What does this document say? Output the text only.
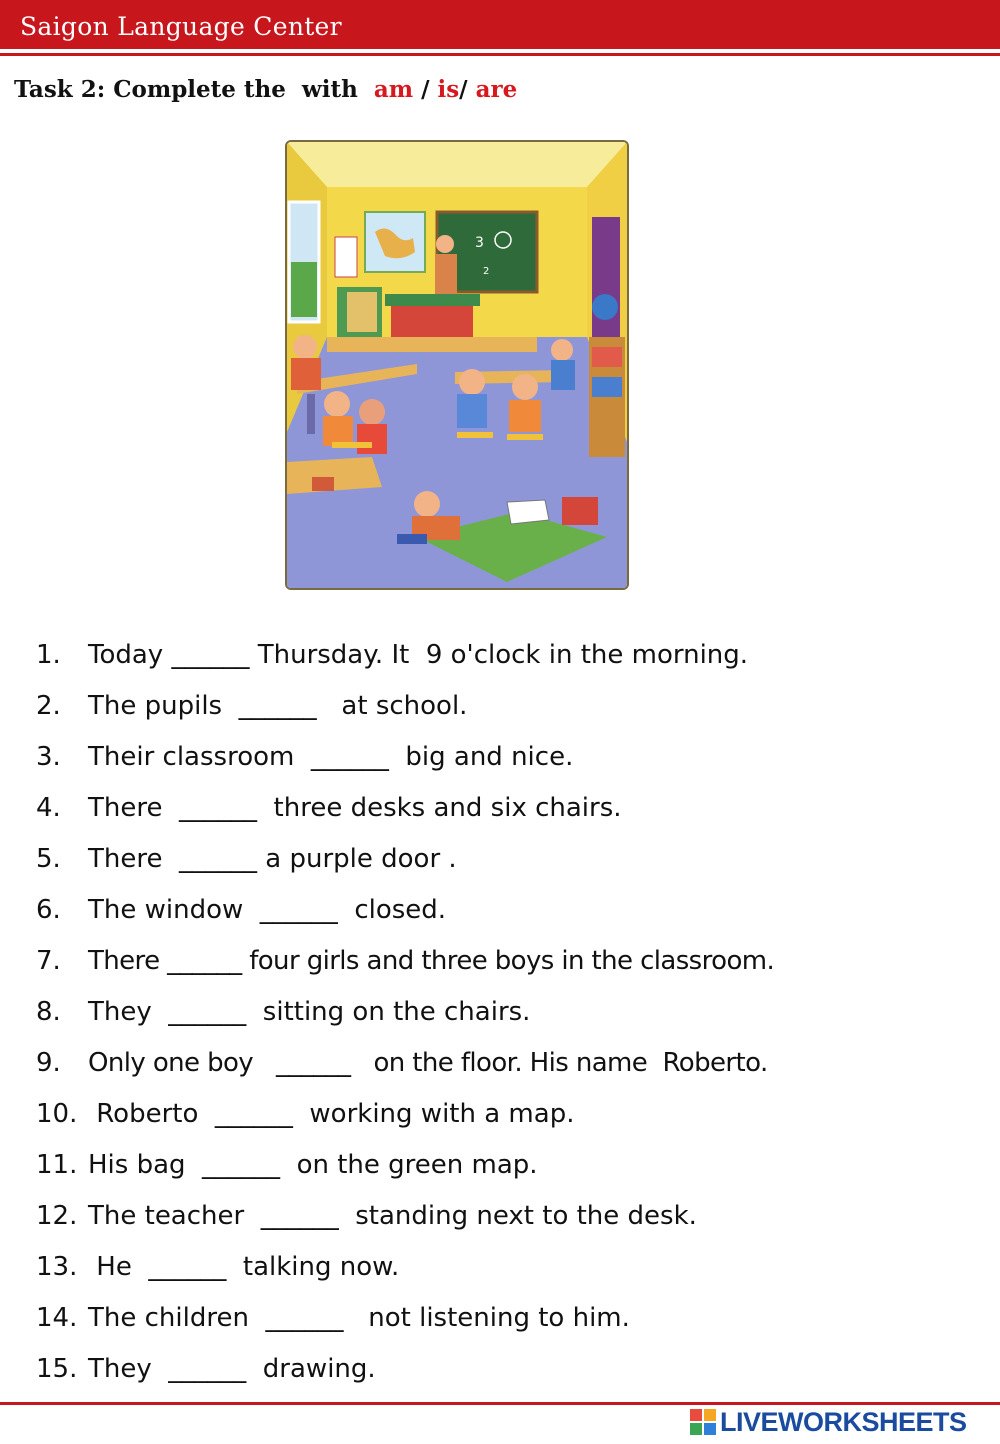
Saigon Language Center
Task 2: Complete the  with  am / is/ are
3
2
1. Today ______ Thursday. It  9 o'clock in the morning.
2. The pupils  ______   at school.
3. Their classroom  ______  big and nice.
4. There  ______  three desks and six chairs.
5. There  ______ a purple door .
6. The window  ______  closed.
7. There ______ four girls and three boys in the classroom.
8. They  ______  sitting on the chairs.
9. Only one boy   ______   on the floor. His name  Roberto.
10. Roberto  ______  working with a map.
11. His bag  ______  on the green map.
12. The teacher  ______  standing next to the desk.
13. He  ______  talking now.
14. The children  ______   not listening to him.
15. They  ______  drawing.
LIVEWORKSHEETS
